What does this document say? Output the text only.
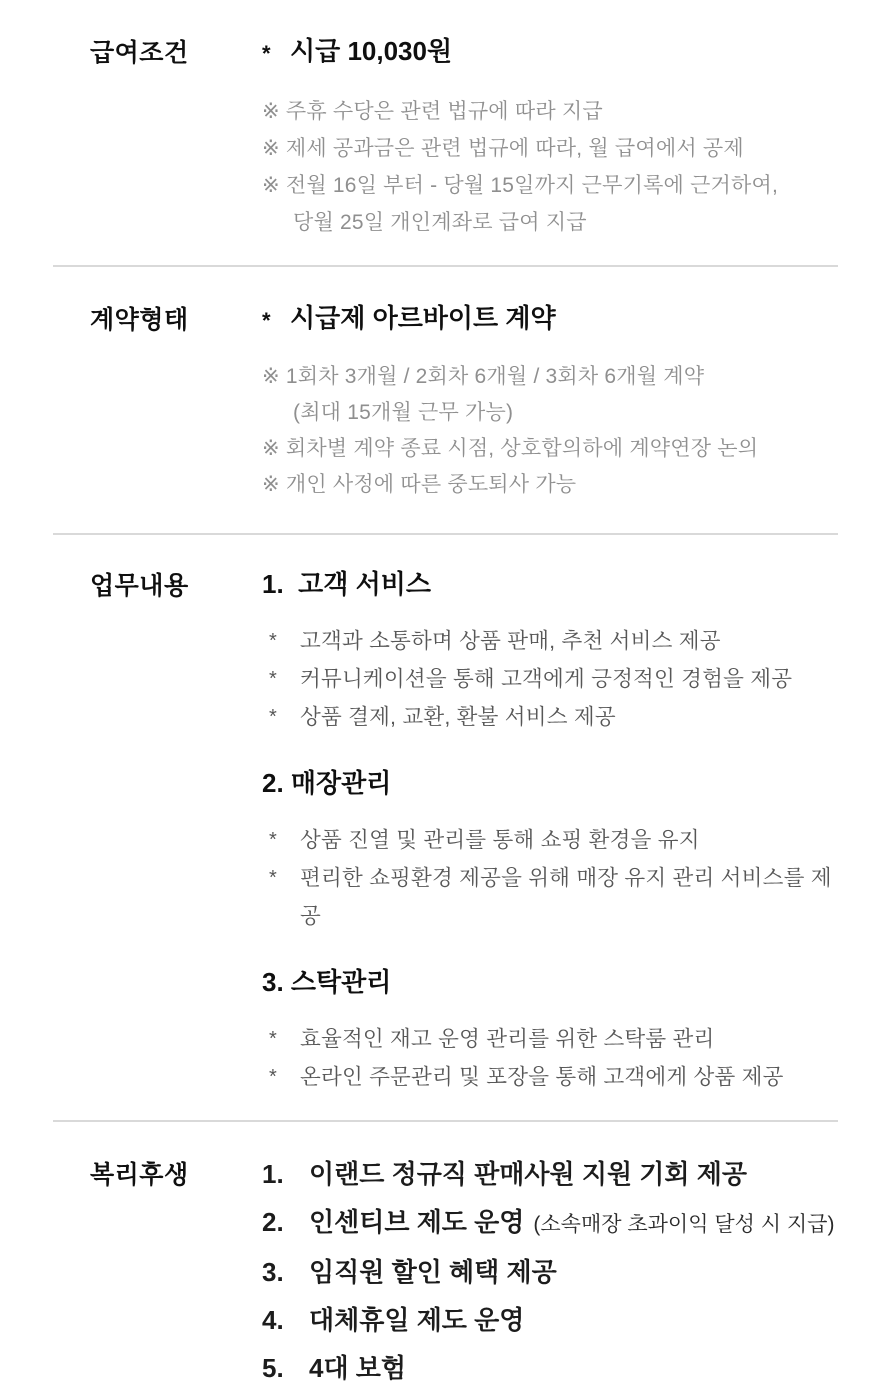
급여조건	* 시급 10,030원
※ 주휴 수당은 관련 법규에 따라 지급
※ 제세 공과금은 관련 법규에 따라, 월 급여에서 공제
※ 전월 16일 부터 - 당월 15일까지 근무기록에 근거하여,
당월 25일 개인계좌로 급여 지급
계약형태	* 시급제 아르바이트 계약
※ 1회차 3개월 / 2회차 6개월 / 3회차 6개월 계약
(최대 15개월 근무 가능)
※ 회차별 계약 종료 시점, 상호합의하에 계약연장 논의
※ 개인 사정에 따른 중도퇴사 가능
업무내용	1.  고객 서비스
*	고객과 소통하며 상품 판매, 추천 서비스 제공
*	커뮤니케이션을 통해 고객에게 긍정적인 경험을 제공
*	상품 결제, 교환, 환불 서비스 제공
2. 매장관리
*	상품 진열 및 관리를 통해 쇼핑 환경을 유지
*	편리한 쇼핑환경 제공을 위해 매장 유지 관리 서비스를 제공
3. 스탁관리
*	효율적인 재고 운영 관리를 위한 스탁룸 관리
*	온라인 주문관리 및 포장을 통해 고객에게 상품 제공
복리후생	1. 이랜드 정규직 판매사원 지원 기회 제공
2. 인센티브 제도 운영 (소속매장 초과이익 달성 시 지급)
3. 임직원 할인 혜택 제공
4. 대체휴일 제도 운영
5. 4대 보험
